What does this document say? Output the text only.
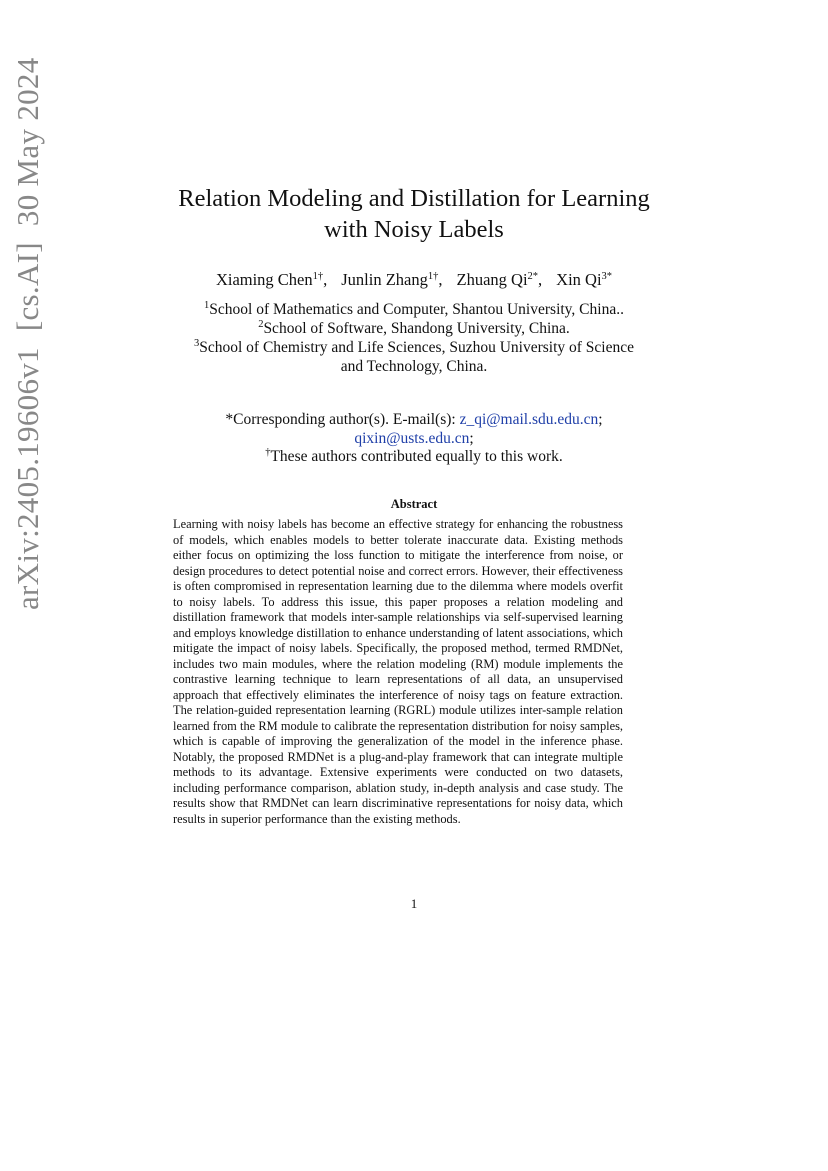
arXiv:2405.19606v1[cs.AI]30 May 2024	Relation Modeling and Distillation for Learning
with Noisy Labels
Xiaming Chen$^{1\dagger}$, Junlin Zhang$^{1\dagger}$, Zhuang $Qi^{2*}$, Xin $Qi^{3*}$
$^1$School of Mathematics and Computer, Shantou University, China..
$^2$School of Software, Shandong University, China.
$^3$School of Chemistry and Life Sciences, Suzhou University of Science
and Technology, China.
*Corresponding author(s). E-mail(s): z_qi@mail.sdu.edu.cn;
qixin@usts.edu.cn;
†These authors contributed equally to this work.
Abstract
Learning with noisy labels has become an effective strategy for enhancing the robustness of models, which enables models to better tolerate inaccurate data. Existing methods either focus on optimizing the loss function to mitigate the interference from noise, or design procedures to detect potential noise and correct errors. However, their effectiveness is often compromised in representation learning due to the dilemma where models overfit to noisy labels. To address this issue, this paper proposes a relation modeling and distillation framework that models inter-sample relationships via self-supervised learning and employs knowledge distillation to enhance understanding of latent associations, which mitigate the impact of noisy labels. Specifically, the proposed method, termed RMDNet, includes two main modules, where the relation modeling (RM) module implements the contrastive learning technique to learn representations of all data, an unsupervised approach that effectively eliminates the interference of noisy tags on feature extraction. The relation-guided representation learning (RGRL) module utilizes inter-sample relation learned from the RM module to calibrate the representation distribution for noisy samples, which is capable of improving the generalization of the model in the inference phase. Notably, the proposed RMDNet is a plug-and-play framework that can integrate multiple methods to its advantage. Extensive experiments were conducted on two datasets, including performance comparison, ablation study, in-depth analysis and case study. The results show that RMDNet can learn discriminative representations for noisy data, which results in superior performance than the existing methods.
1
